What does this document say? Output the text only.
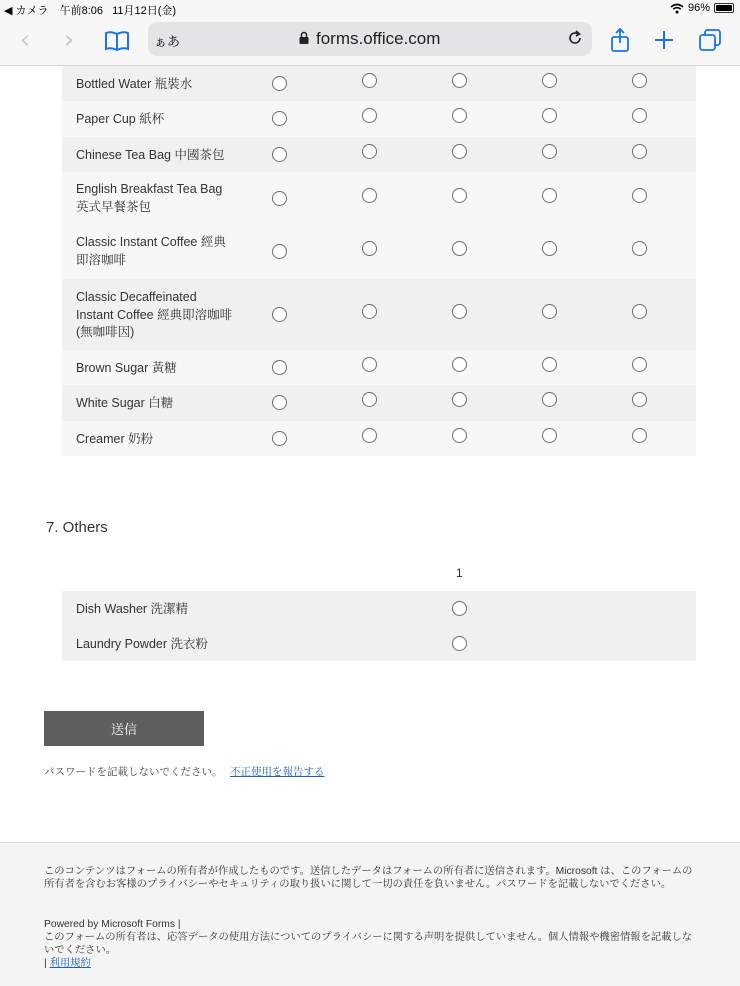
◀ カメラ 午前8:06 11月12日(金)	96%
‹	›	ぁあ	forms.office.com
Bottled Water 瓶裝水
Paper Cup 紙杯
Chinese Tea Bag 中國茶包
English Breakfast Tea Bag
英式早餐茶包
Classic Instant Coffee 經典
即溶咖啡
Classic Decaffeinated
Instant Coffee 經典即溶咖啡
(無咖啡因)
Brown Sugar 黃糖
White Sugar 白糖
Creamer 奶粉
7. Others
1
Dish Washer 洗潔精
Laundry Powder 洗衣粉
送信
パスワードを記載しないでください。 不正使用を報告する

このコンテンツはフォームの所有者が作成したものです。送信したデータはフォームの所有者に送信されます。Microsoft は、このフォームの所有者を含むお客様のプライバシーやセキュリティの取り扱いに関して一切の責任を負いません。パスワードを記載しないでください。

Powered by Microsoft Forms |

このフォームの所有者は、応答データの使用方法についてのプライバシーに関する声明を提供していません。個人情報や機密情報を記載しないでください。

| 利用規約
